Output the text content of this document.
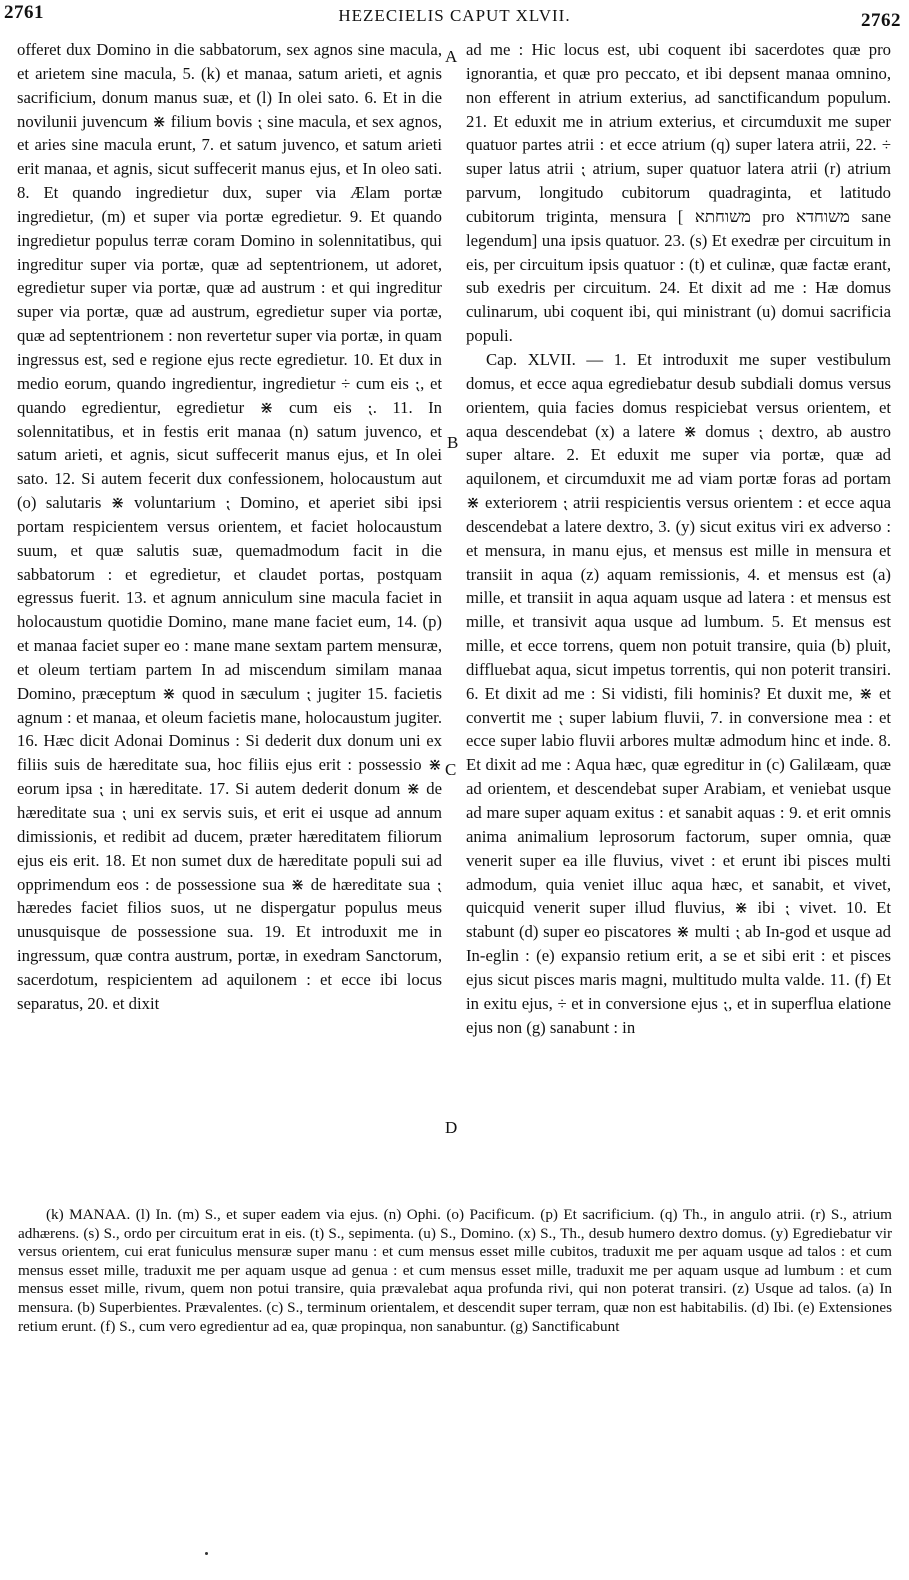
2761	HEZECIELIS CAPUT XLVII.	2762

offeret dux Domino in die sabbatorum, sex agnos sine macula, et arietem sine macula, 5. (k) et manaa, satum arieti, et agnis sacrificium, donum manus suæ, et (l) In olei sato. 6. Et in die novilunii juvencum ⋇ filium bovis ⁏ sine macula, et sex agnos, et aries sine macula erunt, 7. et satum juvenco, et satum arieti erit manaa, et agnis, sicut suffecerit manus ejus, et In oleo sati. 8. Et quando ingredietur dux, super via Ælam portæ ingredietur, (m) et super via portæ egredietur. 9. Et quando ingredietur populus terræ coram Domino in solennitatibus, qui ingreditur super via portæ, quæ ad septentrionem, ut adoret, egredietur super via portæ, quæ ad austrum : et qui ingreditur super via portæ, quæ ad austrum, egredietur super via portæ, quæ ad septentrionem : non revertetur super via portæ, in quam ingressus est, sed e regione ejus recte egredietur. 10. Et dux in medio eorum, quando ingredientur, ingredietur ÷ cum eis ⁏, et quando egredientur, egredietur ⋇ cum eis ⁏. 11. In solennitatibus, et in festis erit manaa (n) satum juvenco, et satum arieti, et agnis, sicut suffecerit manus ejus, et In olei sato. 12. Si autem fecerit dux confessionem, holocaustum aut (o) salutaris ⋇ voluntarium ⁏ Domino, et aperiet sibi ipsi portam respicientem versus orientem, et faciet holocaustum suum, et quæ salutis suæ, quemadmodum facit in die sabbatorum : et egredietur, et claudet portas, postquam egressus fuerit. 13. et agnum anniculum sine macula faciet in holocaustum quotidie Domino, mane mane faciet eum, 14. (p) et manaa faciet super eo : mane mane sextam partem mensuræ, et oleum tertiam partem In ad miscendum similam manaa Domino, præceptum ⋇ quod in sæculum ⁏ jugiter 15. facietis agnum : et manaa, et oleum facietis mane, holocaustum jugiter. 16. Hæc dicit Adonai Dominus : Si dederit dux donum uni ex filiis suis de hæreditate sua, hoc filiis ejus erit : possessio ⋇ eorum ipsa ⁏ in hæreditate. 17. Si autem dederit donum ⋇ de hæreditate sua ⁏ uni ex servis suis, et erit ei usque ad annum dimissionis, et redibit ad ducem, præter hæreditatem filiorum ejus eis erit. 18. Et non sumet dux de hæreditate populi sui ad opprimendum eos : de possessione sua ⋇ de hæreditate sua ⁏ hæredes faciet filios suos, ut ne dispergatur populus meus unusquisque de possessione sua. 19. Et introduxit me in ingressum, quæ contra austrum, portæ, in exedram Sanctorum, sacerdotum, respicientem ad aquilonem : et ecce ibi locus separatus, 20. et dixit

A
B
C
D

ad me : Hic locus est, ubi coquent ibi sacerdotes quæ pro ignorantia, et quæ pro peccato, et ibi depsent manaa omnino, non efferent in atrium exterius, ad sanctificandum populum. 21. Et eduxit me in atrium exterius, et circumduxit me super quatuor partes atrii : et ecce atrium (q) super latera atrii, 22. ÷ super latus atrii ⁏ atrium, super quatuor latera atrii (r) atrium parvum, longitudo cubitorum quadraginta, et latitudo cubitorum triginta, mensura [ משוחתא pro משוחדא sane legendum] una ipsis quatuor. 23. (s) Et exedræ per circuitum in eis, per circuitum ipsis quatuor : (t) et culinæ, quæ factæ erant, sub exedris per circuitum. 24. Et dixit ad me : Hæ domus culinarum, ubi coquent ibi, qui ministrant (u) domui sacrificia populi.

Cap. XLVII. — 1. Et introduxit me super vestibulum domus, et ecce aqua egrediebatur desub subdiali domus versus orientem, quia facies domus respiciebat versus orientem, et aqua descendebat (x) a latere ⋇ domus ⁏ dextro, ab austro super altare. 2. Et eduxit me super via portæ, quæ ad aquilonem, et circumduxit me ad viam portæ foras ad portam ⋇ exteriorem ⁏ atrii respicientis versus orientem : et ecce aqua descendebat a latere dextro, 3. (y) sicut exitus viri ex adverso : et mensura, in manu ejus, et mensus est mille in mensura et transiit in aqua (z) aquam remissionis, 4. et mensus est (a) mille, et transiit in aqua aquam usque ad latera : et mensus est mille, et transivit aqua usque ad lumbum. 5. Et mensus est mille, et ecce torrens, quem non potuit transire, quia (b) pluit, diffluebat aqua, sicut impetus torrentis, qui non poterit transiri. 6. Et dixit ad me : Si vidisti, fili hominis? Et duxit me, ⋇ et convertit me ⁏ super labium fluvii, 7. in conversione mea : et ecce super labio fluvii arbores multæ admodum hinc et inde. 8. Et dixit ad me : Aqua hæc, quæ egreditur in (c) Galilæam, quæ ad orientem, et descendebat super Arabiam, et veniebat usque ad mare super aquam exitus : et sanabit aquas : 9. et erit omnis anima animalium leprosorum factorum, super omnia, quæ venerit super ea ille fluvius, vivet : et erunt ibi pisces multi admodum, quia veniet illuc aqua hæc, et sanabit, et vivet, quicquid venerit super illud fluvius, ⋇ ibi ⁏ vivet. 10. Et stabunt (d) super eo piscatores ⋇ multi ⁏ ab In-god et usque ad In-eglin : (e) expansio retium erit, a se et sibi erit : et pisces ejus sicut pisces maris magni, multitudo multa valde. 11. (f) Et in exitu ejus, ÷ et in conversione ejus ⁏, et in superflua elatione ejus non (g) sanabunt : in

(k) MANAA. (l) In. (m) S., et super eadem via ejus. (n) Ophi. (o) Pacificum. (p) Et sacrificium. (q) Th., in angulo atrii. (r) S., atrium adhærens. (s) S., ordo per circuitum erat in eis. (t) S., sepimenta. (u) S., Domino. (x) S., Th., desub humero dextro domus. (y) Egrediebatur vir versus orientem, cui erat funiculus mensuræ super manu : et cum mensus esset mille cubitos, traduxit me per aquam usque ad talos : et cum mensus esset mille, traduxit me per aquam usque ad genua : et cum mensus esset mille, traduxit me per aquam usque ad lumbum : et cum mensus esset mille, rivum, quem non potui transire, quia prævalebat aqua profunda rivi, qui non poterat transiri. (z) Usque ad talos. (a) In mensura. (b) Superbientes. Prævalentes. (c) S., terminum orientalem, et descendit super terram, quæ non est habitabilis. (d) Ibi. (e) Extensiones retium erunt. (f) S., cum vero egredientur ad ea, quæ propinqua, non sanabuntur. (g) Sanctificabunt
